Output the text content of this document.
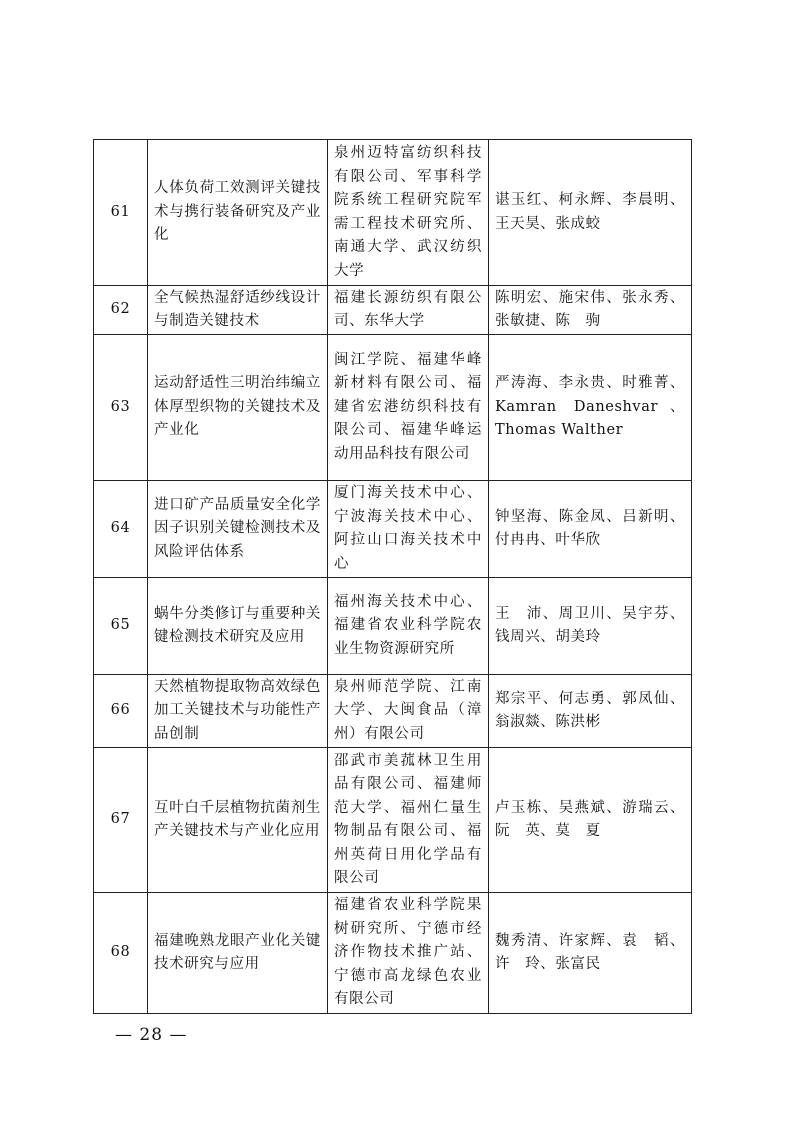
61	人体负荷工效测评关键技术与携行装备研究及产业化	泉州迈特富纺织科技有限公司、军事科学院系统工程研究院军需工程技术研究所、南通大学、武汉纺织大学	谌玉红、柯永辉、李晨明、王天昊、张成蛟
62	全气候热湿舒适纱线设计与制造关键技术	福建长源纺织有限公司、东华大学	陈明宏、施宋伟、张永秀、张敏捷、陈　驹
63	运动舒适性三明治纬编立体厚型织物的关键技术及产业化	闽江学院、福建华峰新材料有限公司、福建省宏港纺织科技有限公司、福建华峰运动用品科技有限公司	严涛海、李永贵、时雅菁、Kamran Daneshvar、Thomas Walther
64	进口矿产品质量安全化学因子识别关键检测技术及风险评估体系	厦门海关技术中心、宁波海关技术中心、阿拉山口海关技术中心	钟坚海、陈金凤、吕新明、付冉冉、叶华欣
65	蜗牛分类修订与重要种关键检测技术研究及应用	福州海关技术中心、福建省农业科学院农业生物资源研究所	王　沛、周卫川、吴宇芬、钱周兴、胡美玲
66	天然植物提取物高效绿色加工关键技术与功能性产品创制	泉州师范学院、江南大学、大闽食品（漳州）有限公司	郑宗平、何志勇、郭凤仙、翁淑燚、陈洪彬
67	互叶白千层植物抗菌剂生产关键技术与产业化应用	邵武市美菰林卫生用品有限公司、福建师范大学、福州仁量生物制品有限公司、福州英荷日用化学品有限公司	卢玉栋、吴燕斌、游瑞云、阮　英、莫　夏
68	福建晚熟龙眼产业化关键技术研究与应用	福建省农业科学院果树研究所、宁德市经济作物技术推广站、宁德市高龙绿色农业有限公司	魏秀清、许家辉、袁　韬、许　玲、张富民
— 28 —
